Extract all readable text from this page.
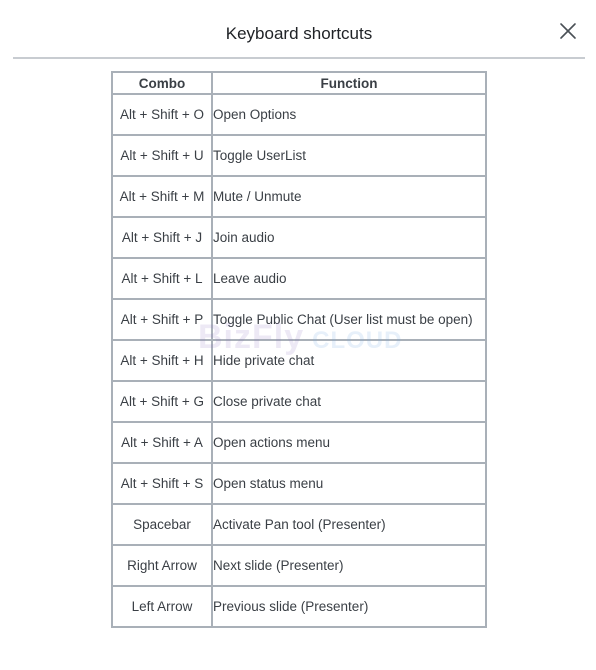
Keyboard shortcuts
Combo	Function
Alt + Shift + O	Open Options
Alt + Shift + U	Toggle UserList
Alt + Shift + M	Mute / Unmute
Alt + Shift + J	Join audio
Alt + Shift + L	Leave audio
Alt + Shift + P	Toggle Public Chat (User list must be open)
Alt + Shift + H	Hide private chat
Alt + Shift + G	Close private chat
Alt + Shift + A	Open actions menu
Alt + Shift + S	Open status menu
Spacebar	Activate Pan tool (Presenter)
Right Arrow	Next slide (Presenter)
Left Arrow	Previous slide (Presenter)
BizFly CLOUD
